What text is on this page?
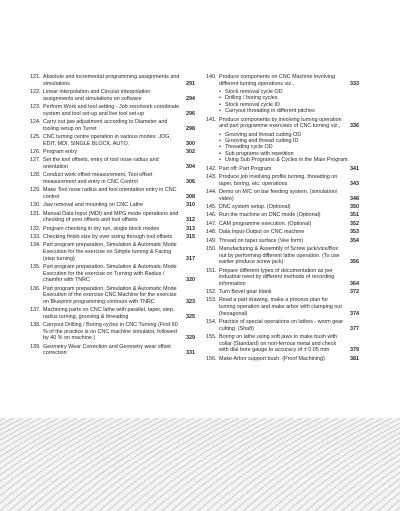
121. Absolute and incremental programming assignments and simulations	291
122. Linear interpolation and Circular interpolation assignments and simulations on software	294
123. Perform Work and tool setting - Job zero/work coordinate system and tool set-up and live tool set-up	296
124. Carry out jaw adjustment according to Diameter and tooling setup on Turret	298
125. CNC turning centre operation in various modes: JOG, EDIT, MDI, SINGLE BLOCK, AUTO.	300
126. Program entry	302
127. Set the tool offsets, entry of tool nose radius and orientation	304
128. Conduct work offset measurement, Tool offset measurement and entry in CNC Control	306
129. Make Tool nose radius and tool orientation entry in CNC control	308
130. Jaw removal and mounting on CNC Lathe	310
131. Manual Data Input (MDI) and MPG mode operations and checking of zero offsets and tool offsets	312
132. Program checking in dry run, single block modes	313
133. Checking finish size by over sizing through tool offsets	315
134. Part program preparation, Simulation & Automatic Mode Execution for the exercise on Simple turning & Facing (step turning)	317
135. Part program preparation, Simulation & Automatic Mode Execution for the exercise on Turning with Radius / chamfer with TNRC	320
136. Part program preparation, Simulation & Automatic Mode Execution of the exercise CNC Machine for the exercise on Blueprint programming contours with TNRC	323
137. Machining parts on CNC lathe with parallel, taper, step, radius turning, grooving & threading	325
138. Carryout Drilling / Boring cycles in CNC Turning (First 60 % of the practice is on CNC machine simulator, followed by 40 % on machine.)	329
139. Geometry Wear Correction and Geometry wear offset correction	331
140. Produce components on CNC Machine involving different turning operations viz.,	333
• Stock removal cycle OD
• Drilling / boring cycles
• Stock removal cycle ID
• Carryout threading in different pitches
141. Produce components by involving turning operation and part programme exercises of CNC turning viz., 336
• Grooving and thread cutting OD
• Grooving and thread cutting ID
• Threading cycle OD
• Sub programs with repetition
• Using Sub Programs & Cycles in the Main Program.
142. Part off: Part Program	341
143. Produce job involving profile turning, threading on taper, boring, etc. operations	343
144. Demo on M/C on bar feeding system. (simulation/ video)	348
145. DNC system setup. (Optional)	350
146. Run the machine on DNC mode (Optional)	351
147. CAM programme execution. (Optional)	352
148. Data Input-Output on CNC machine	353
149. Thread on taper surface (Vee form)	354
150. Manufacturing & Assembly of Screw jack/vice/Box nut by performing different lathe operation. (To use earlier produce screw jack)	356
151. Prepare different types of documentation as per industrial need by different methods of recording information	364
152. Turn Bevel gear blank	372
153. Read a part drawing, make a process plan for turning operation and make arbor with clamping nut (hexagonal)	374
154. Practice of special operations on lathes - worm gear cutting. (Shaft)	377
155. Boring on lathe using soft jaws to make bush with collar (Standard) on non-ferrous metal and check with dial bore gauge to accuracy of ± 0.05 mm	379
156. Make Arbor support bush. (Proof Machining)	381
